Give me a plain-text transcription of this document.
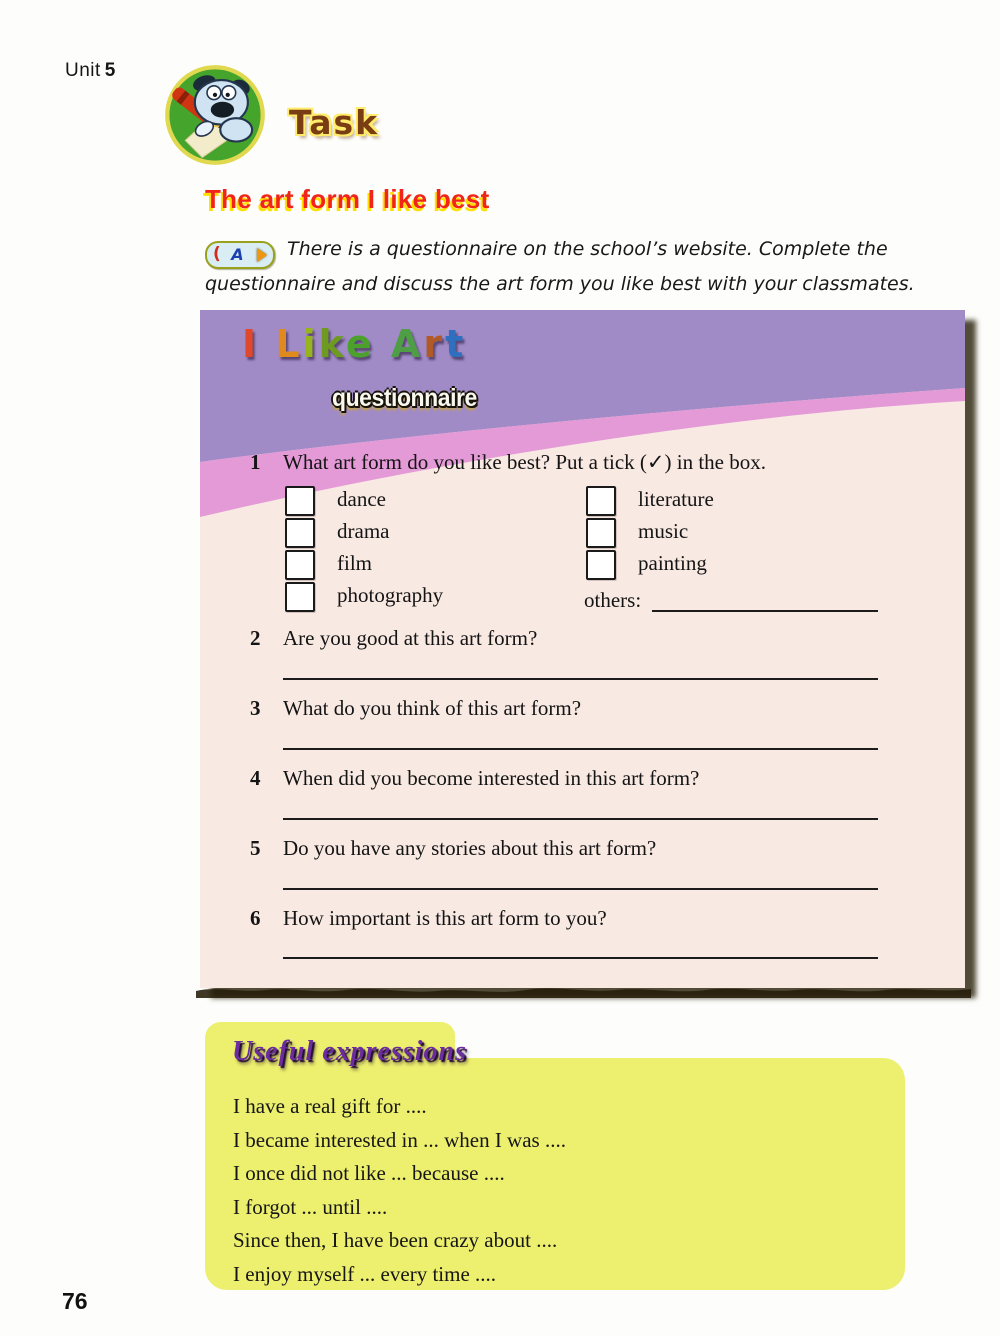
Unit 5
Task
The art form I like best
( A There is a questionnaire on the school’s website. Complete the questionnaire and discuss the art form you like best with your classmates.
I Like Art
questionnaire
1 What art form do you like best? Put a tick (✓) in the box.
dance
drama
film
photography
literature
music
painting
others:
2 Are you good at this art form?
3 What do you think of this art form?
4 When did you become interested in this art form?
5 Do you have any stories about this art form?
6 How important is this art form to you?
Useful expressions
I have a real gift for ....
I became interested in ... when I was ....
I once did not like ... because ....
I forgot ... until ....
Since then, I have been crazy about ....
I enjoy myself ... every time ....
76
